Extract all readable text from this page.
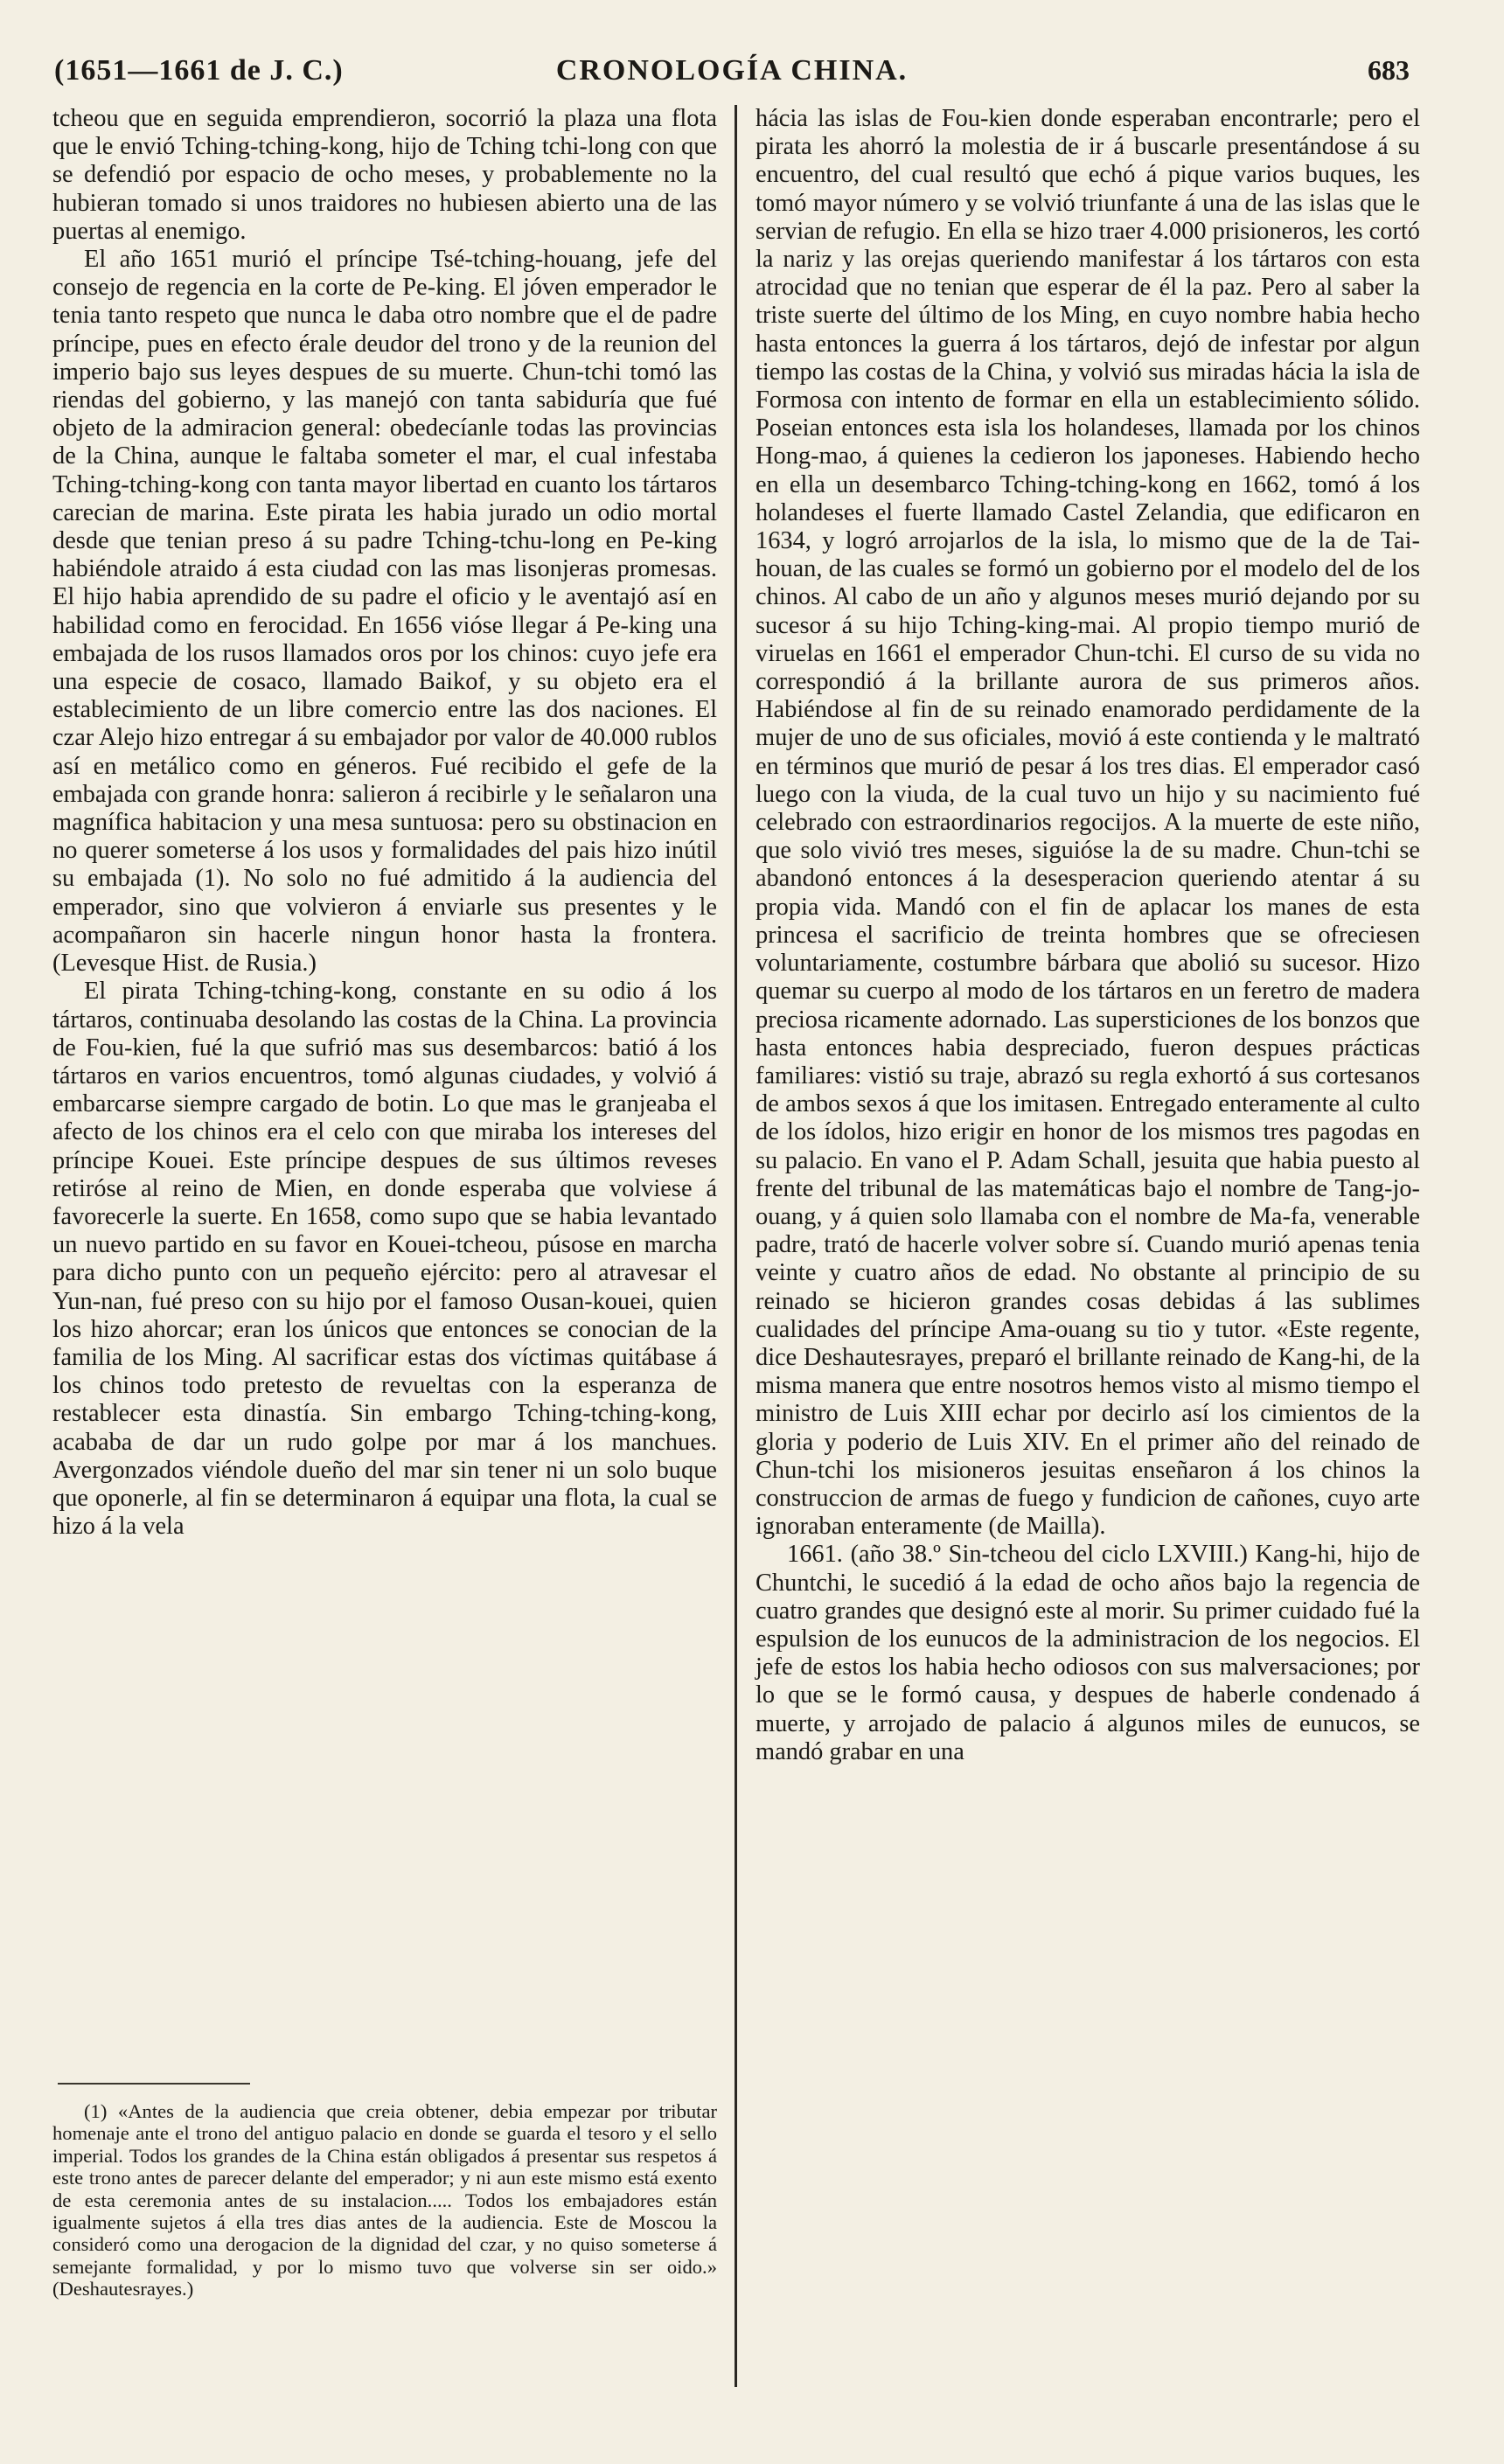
(1651—1661 de J. C.)	CRONOLOGÍA CHINA.	683

tcheou que en seguida emprendieron, socorrió la plaza una flota que le envió Tching-tching-kong, hijo de Tching tchi-long con que se defendió por espacio de ocho meses, y probablemente no la hubieran tomado si unos traidores no hubiesen abierto una de las puertas al enemigo.

El año 1651 murió el príncipe Tsé-tching-houang, jefe del consejo de regencia en la corte de Pe-king. El jóven emperador le tenia tanto respeto que nunca le daba otro nombre que el de padre príncipe, pues en efecto érale deudor del trono y de la reunion del imperio bajo sus leyes despues de su muerte. Chun-tchi tomó las riendas del gobierno, y las manejó con tanta sabiduría que fué objeto de la admiracion general: obedecíanle todas las provincias de la China, aunque le faltaba someter el mar, el cual infestaba Tching-tching-kong con tanta mayor libertad en cuanto los tártaros carecian de marina. Este pirata les habia jurado un odio mortal desde que tenian preso á su padre Tching-tchu-long en Pe-king habiéndole atraido á esta ciudad con las mas lisonjeras promesas. El hijo habia aprendido de su padre el oficio y le aventajó así en habilidad como en ferocidad. En 1656 vióse llegar á Pe-king una embajada de los rusos llamados oros por los chinos: cuyo jefe era una especie de cosaco, llamado Baikof, y su objeto era el establecimiento de un libre comercio entre las dos naciones. El czar Alejo hizo entregar á su embajador por valor de 40.000 rublos así en metálico como en géneros. Fué recibido el gefe de la embajada con grande honra: salieron á recibirle y le señalaron una magnífica habitacion y una mesa suntuosa: pero su obstinacion en no querer someterse á los usos y formalidades del pais hizo inútil su embajada (1). No solo no fué admitido á la audiencia del emperador, sino que volvieron á enviarle sus presentes y le acompañaron sin hacerle ningun honor hasta la frontera. (Levesque Hist. de Rusia.)

El pirata Tching-tching-kong, constante en su odio á los tártaros, continuaba desolando las costas de la China. La provincia de Fou-kien, fué la que sufrió mas sus desembarcos: batió á los tártaros en varios encuentros, tomó algunas ciudades, y volvió á embarcarse siempre cargado de botin. Lo que mas le granjeaba el afecto de los chinos era el celo con que miraba los intereses del príncipe Kouei. Este príncipe despues de sus últimos reveses retiróse al reino de Mien, en donde esperaba que volviese á favorecerle la suerte. En 1658, como supo que se habia levantado un nuevo partido en su favor en Kouei-tcheou, púsose en marcha para dicho punto con un pequeño ejército: pero al atravesar el Yun-nan, fué preso con su hijo por el famoso Ousan-kouei, quien los hizo ahorcar; eran los únicos que entonces se conocian de la familia de los Ming. Al sacrificar estas dos víctimas quitábase á los chinos todo pretesto de revueltas con la esperanza de restablecer esta dinastía. Sin embargo Tching-tching-kong, acababa de dar un rudo golpe por mar á los manchues. Avergonzados viéndole dueño del mar sin tener ni un solo buque que oponerle, al fin se determinaron á equipar una flota, la cual se hizo á la vela

(1) «Antes de la audiencia que creia obtener, debia empezar por tributar homenaje ante el trono del antiguo palacio en donde se guarda el tesoro y el sello imperial. Todos los grandes de la China están obligados á presentar sus respetos á este trono antes de parecer delante del emperador; y ni aun este mismo está exento de esta ceremonia antes de su instalacion..... Todos los embajadores están igualmente sujetos á ella tres dias antes de la audiencia. Este de Moscou la consideró como una derogacion de la dignidad del czar, y no quiso someterse á semejante formalidad, y por lo mismo tuvo que volverse sin ser oido.» (Deshautesrayes.)

hácia las islas de Fou-kien donde esperaban encontrarle; pero el pirata les ahorró la molestia de ir á buscarle presentándose á su encuentro, del cual resultó que echó á pique varios buques, les tomó mayor número y se volvió triunfante á una de las islas que le servian de refugio. En ella se hizo traer 4.000 prisioneros, les cortó la nariz y las orejas queriendo manifestar á los tártaros con esta atrocidad que no tenian que esperar de él la paz. Pero al saber la triste suerte del último de los Ming, en cuyo nombre habia hecho hasta entonces la guerra á los tártaros, dejó de infestar por algun tiempo las costas de la China, y volvió sus miradas hácia la isla de Formosa con intento de formar en ella un establecimiento sólido. Poseian entonces esta isla los holandeses, llamada por los chinos Hong-mao, á quienes la cedieron los japoneses. Habiendo hecho en ella un desembarco Tching-tching-kong en 1662, tomó á los holandeses el fuerte llamado Castel Zelandia, que edificaron en 1634, y logró arrojarlos de la isla, lo mismo que de la de Tai-houan, de las cuales se formó un gobierno por el modelo del de los chinos. Al cabo de un año y algunos meses murió dejando por su sucesor á su hijo Tching-king-mai. Al propio tiempo murió de viruelas en 1661 el emperador Chun-tchi. El curso de su vida no correspondió á la brillante aurora de sus primeros años. Habiéndose al fin de su reinado enamorado perdidamente de la mujer de uno de sus oficiales, movió á este contienda y le maltrató en términos que murió de pesar á los tres dias. El emperador casó luego con la viuda, de la cual tuvo un hijo y su nacimiento fué celebrado con estraordinarios regocijos. A la muerte de este niño, que solo vivió tres meses, siguióse la de su madre. Chun-tchi se abandonó entonces á la desesperacion queriendo atentar á su propia vida. Mandó con el fin de aplacar los manes de esta princesa el sacrificio de treinta hombres que se ofreciesen voluntariamente, costumbre bárbara que abolió su sucesor. Hizo quemar su cuerpo al modo de los tártaros en un feretro de madera preciosa ricamente adornado. Las supersticiones de los bonzos que hasta entonces habia despreciado, fueron despues prácticas familiares: vistió su traje, abrazó su regla exhortó á sus cortesanos de ambos sexos á que los imitasen. Entregado enteramente al culto de los ídolos, hizo erigir en honor de los mismos tres pagodas en su palacio. En vano el P. Adam Schall, jesuita que habia puesto al frente del tribunal de las matemáticas bajo el nombre de Tang-jo-ouang, y á quien solo llamaba con el nombre de Ma-fa, venerable padre, trató de hacerle volver sobre sí. Cuando murió apenas tenia veinte y cuatro años de edad. No obstante al principio de su reinado se hicieron grandes cosas debidas á las sublimes cualidades del príncipe Ama-ouang su tio y tutor. «Este regente, dice Deshautesrayes, preparó el brillante reinado de Kang-hi, de la misma manera que entre nosotros hemos visto al mismo tiempo el ministro de Luis XIII echar por decirlo así los cimientos de la gloria y poderio de Luis XIV. En el primer año del reinado de Chun-tchi los misioneros jesuitas enseñaron á los chinos la construccion de armas de fuego y fundicion de cañones, cuyo arte ignoraban enteramente (de Mailla).

1661. (año 38.º Sin-tcheou del ciclo LXVIII.) Kang-hi, hijo de Chuntchi, le sucedió á la edad de ocho años bajo la regencia de cuatro grandes que designó este al morir. Su primer cuidado fué la espulsion de los eunucos de la administracion de los negocios. El jefe de estos los habia hecho odiosos con sus malversaciones; por lo que se le formó causa, y despues de haberle condenado á muerte, y arrojado de palacio á algunos miles de eunucos, se mandó grabar en una
